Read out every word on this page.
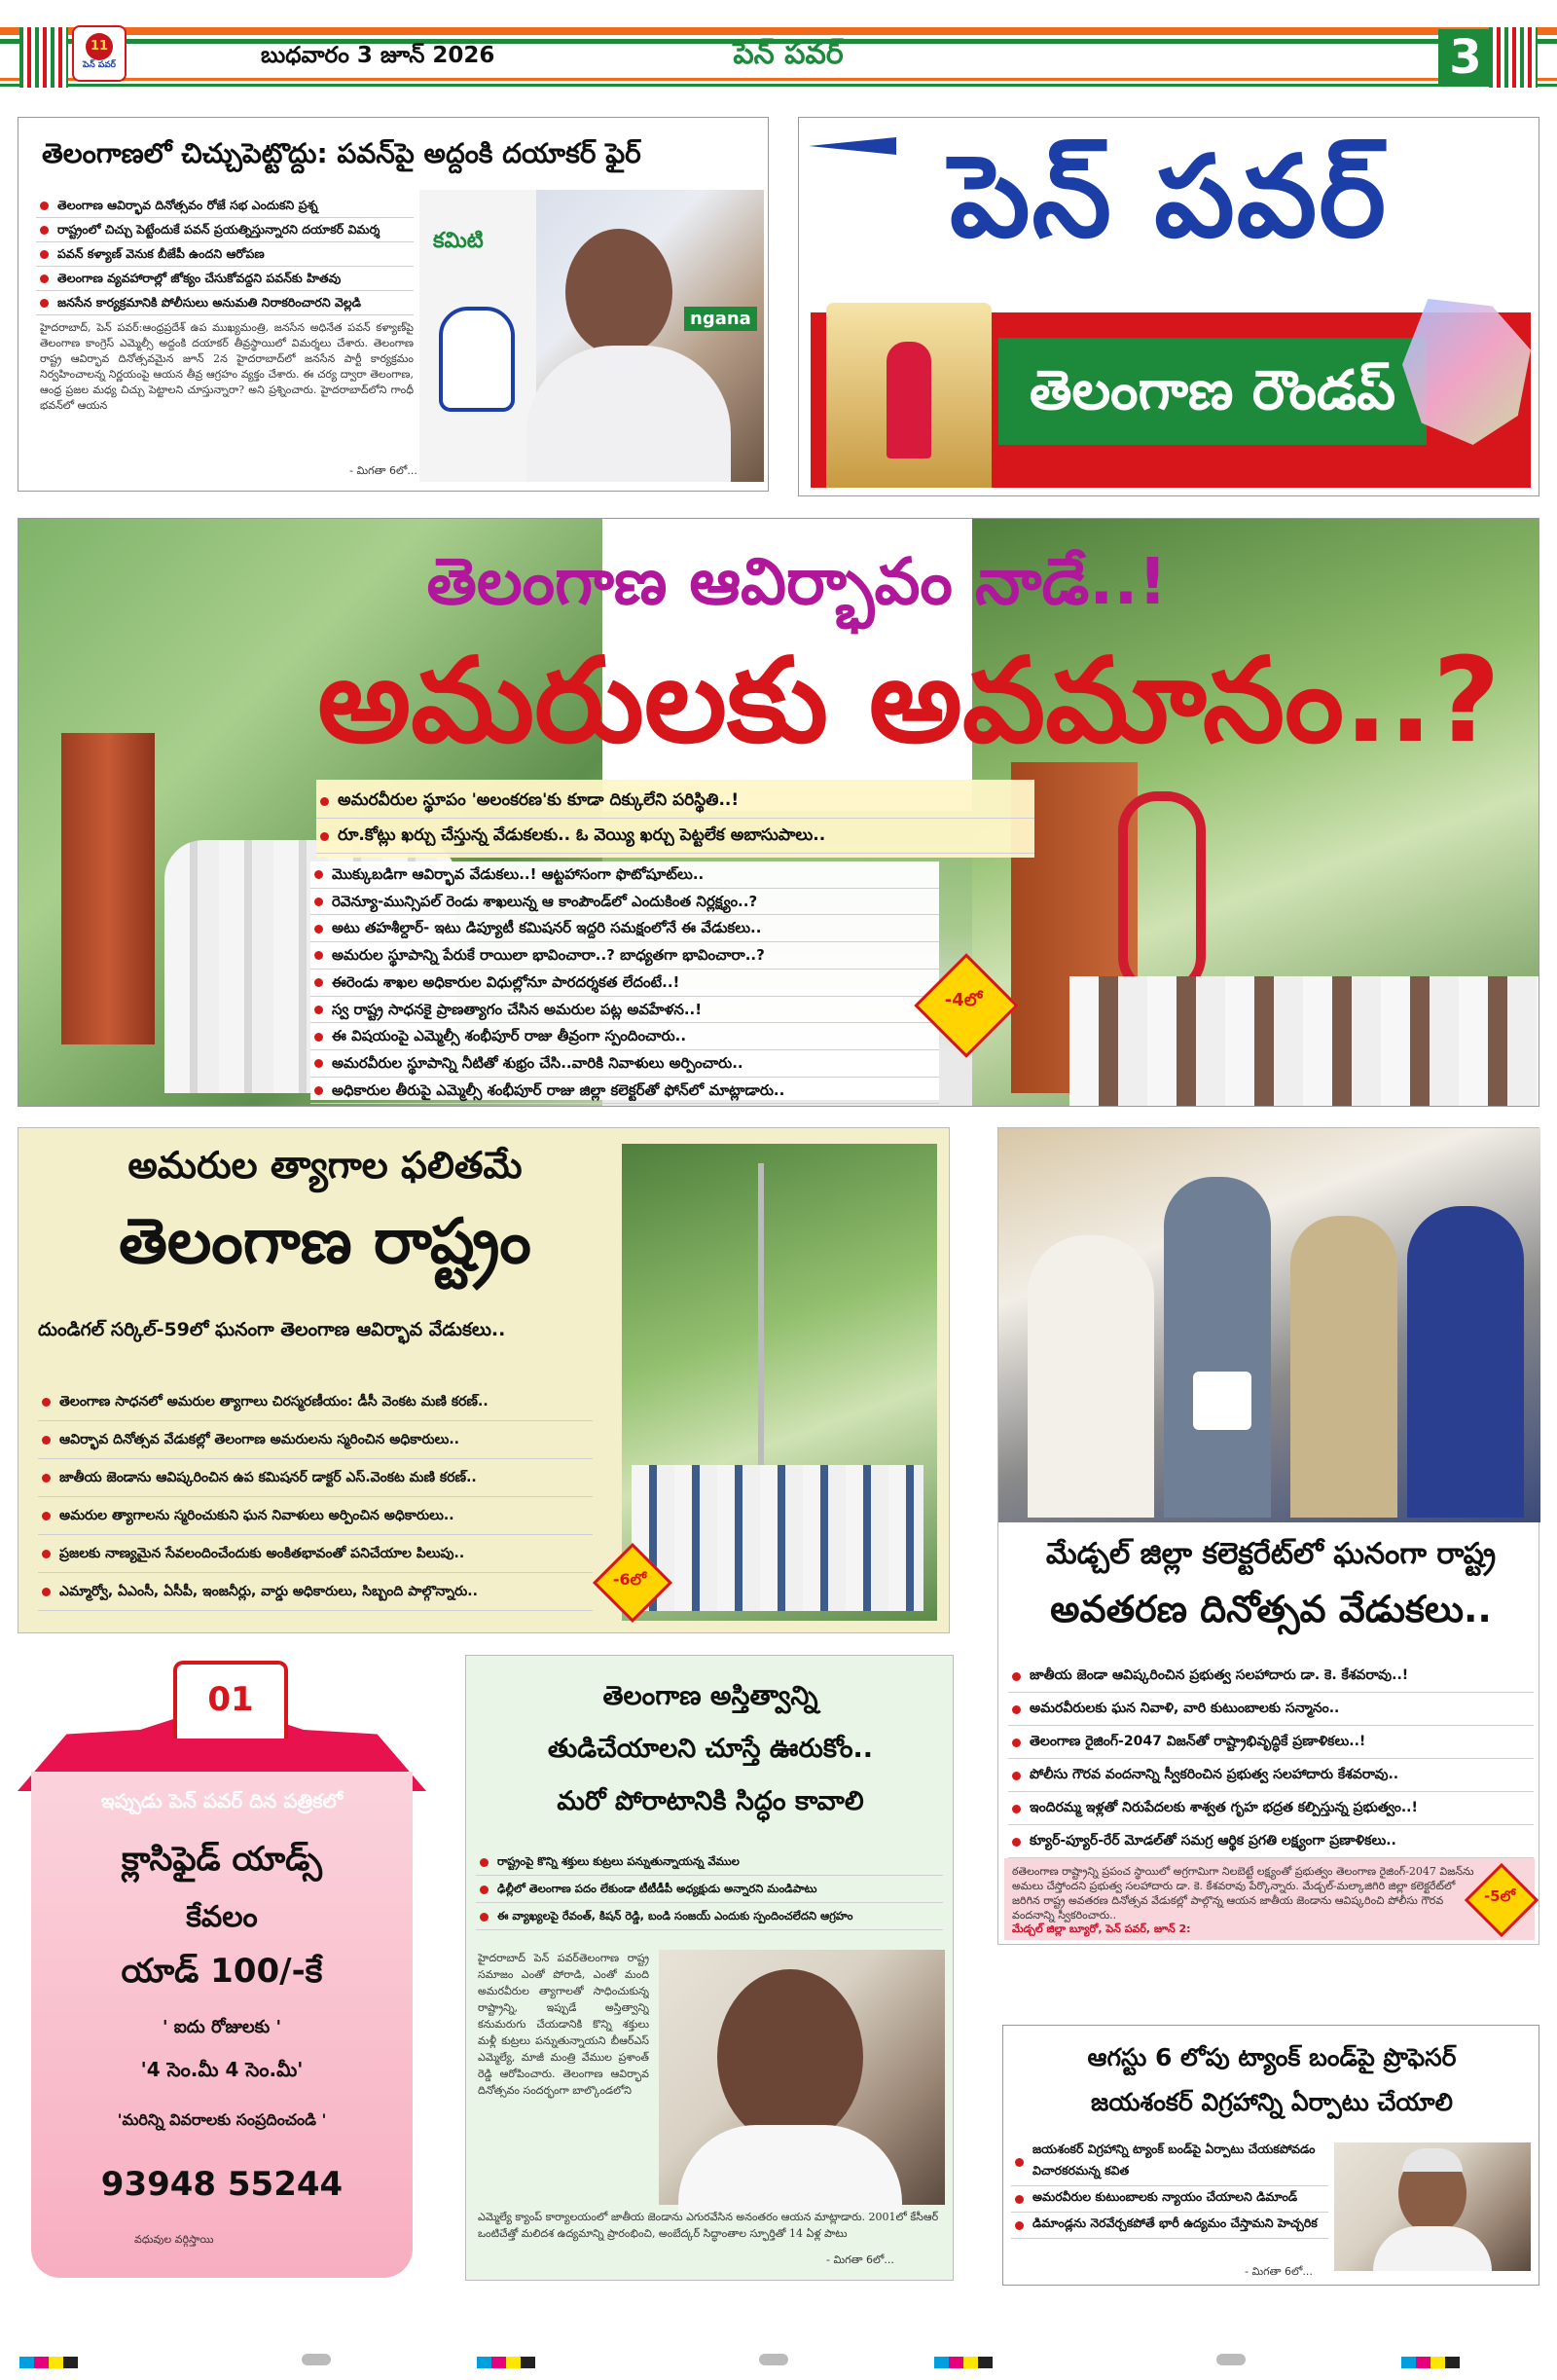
11
పెన్ పవర్	బుధవారం 3 జూన్ 2026	పెన్ పవర్	3
తెలంగాణలో చిచ్చుపెట్టొద్దు: పవన్‌పై అద్దంకి దయాకర్ ఫైర్
తెలంగాణ ఆవిర్భావ దినోత్సవం రోజే సభ ఎందుకని ప్రశ్న
రాష్ట్రంలో చిచ్చు పెట్టేందుకే పవన్ ప్రయత్నిస్తున్నారని దయాకర్ విమర్శ
పవన్ కళ్యాణ్ వెనుక బీజేపీ ఉందని ఆరోపణ
తెలంగాణ వ్యవహారాల్లో జోక్యం చేసుకోవద్దని పవన్‌కు హితవు
జనసేన కార్యక్రమానికి పోలీసులు అనుమతి నిరాకరించారని వెల్లడి
హైదరాబాద్, పెన్ పవర్:ఆంధ్రప్రదేశ్ ఉప ముఖ్యమంత్రి, జనసేన అధినేత పవన్ కళ్యాణ్‌పై తెలంగాణ కాంగ్రెస్ ఎమ్మెల్సీ అద్దంకి దయాకర్ తీవ్రస్థాయిలో విమర్శలు చేశారు. తెలంగాణ రాష్ట్ర ఆవిర్భావ దినోత్సవమైన జూన్ 2న హైదరాబాద్‌లో జనసేన పార్టీ కార్యక్రమం నిర్వహించాలన్న నిర్ణయంపై ఆయన తీవ్ర ఆగ్రహం వ్యక్తం చేశారు. ఈ చర్య ద్వారా తెలంగాణ, ఆంధ్ర ప్రజల మధ్య చిచ్చు పెట్టాలని చూస్తున్నారా? అని ప్రశ్నించారు. హైదరాబాద్‌లోని గాంధీ భవన్‌లో ఆయన
కమిటి
ngana
- మిగతా 6లో...
పెన్ పవర్
తెలంగాణ రౌండప్
తెలంగాణ ఆవిర్భావం నాడే..!
అమరులకు అవమానం..?
అమరవీరుల స్థూపం 'అలంకరణ'కు కూడా దిక్కులేని పరిస్థితి..!
రూ.కోట్లు ఖర్చు చేస్తున్న వేడుకలకు.. ఓ వెయ్యి ఖర్చు పెట్టలేక అబాసుపాలు..
మొక్కుబడిగా ఆవిర్భావ వేడుకలు..! ఆట్టహాసంగా ఫొటోషూట్‌లు..
రెవెన్యూ-మున్సిపల్ రెండు శాఖలున్న ఆ కాంపౌండ్‌లో ఎందుకింత నిర్లక్ష్యం..?
అటు తహశీల్దార్- ఇటు డిప్యూటీ కమిషనర్ ఇద్దరి సమక్షంలోనే ఈ వేడుకలు..
అమరుల స్థూపాన్ని పేరుకే రాయిలా భావించారా..? బాధ్యతగా భావించారా..?
ఈరెండు శాఖల అధికారుల విధుల్లోనూ పారదర్శకత లేదంటే..!
స్వ రాష్ట్ర సాధనకై ప్రాణత్యాగం చేసిన అమరుల పట్ల అవహేళన..!
ఈ విషయంపై ఎమ్మెల్సీ శంభీపూర్ రాజు తీవ్రంగా స్పందించారు..
అమరవీరుల స్థూపాన్ని నీటితో శుభ్రం చేసి..వారికి నివాళులు అర్పించారు..
అధికారుల తీరుపై ఎమ్మెల్సీ శంభీపూర్ రాజు జిల్లా కలెక్టర్‌తో ఫోన్‌లో మాట్లాడారు..
-4లో
అమరుల త్యాగాల ఫలితమే
తెలంగాణ రాష్ట్రం
దుండిగల్ సర్కిల్-59లో ఘనంగా తెలంగాణ ఆవిర్భావ వేడుకలు..
తెలంగాణ సాధనలో అమరుల త్యాగాలు చిరస్మరణీయం: డీసీ వెంకట మణి కరణ్..
ఆవిర్భావ దినోత్సవ వేడుకల్లో తెలంగాణ అమరులను స్మరించిన అధికారులు..
జాతీయ జెండాను ఆవిష్కరించిన ఉప కమిషనర్ డాక్టర్ ఎస్.వెంకట మణి కరణ్..
అమరుల త్యాగాలను స్మరించుకుని ఘన నివాళులు అర్పించిన అధికారులు..
ప్రజలకు నాణ్యమైన సేవలందించేందుకు అంకితభావంతో పనిచేయాల పిలుపు..
ఎమ్మార్వో, ఏఎంసీ, ఏసీపీ, ఇంజనీర్లు, వార్డు అధికారులు, సిబ్బంది పాల్గొన్నారు..
-6లో
మేడ్చల్ జిల్లా కలెక్టరేట్‌లో ఘనంగా రాష్ట్ర
అవతరణ దినోత్సవ వేడుకలు..
జాతీయ జెండా ఆవిష్కరించిన ప్రభుత్వ సలహాదారు డా. కె. కేశవరావు..!
అమరవీరులకు ఘన నివాళి, వారి కుటుంబాలకు సన్మానం..
తెలంగాణ రైజింగ్-2047 విజన్‌తో రాష్ట్రాభివృద్ధికే ప్రణాళికలు..!
పోలీసు గౌరవ వందనాన్ని స్వీకరించిన ప్రభుత్వ సలహాదారు కేశవరావు..
ఇందిరమ్మ ఇళ్లతో నిరుపేదలకు శాశ్వత గృహ భద్రత కల్పిస్తున్న ప్రభుత్వం..!
క్యూర్-ప్యూర్-రేర్ మోడల్‌తో సమగ్ర ఆర్థిక ప్రగతి లక్ష్యంగా ప్రణాళికలు..
ఠతెలంగాణ రాష్ట్రాన్ని ప్రపంచ స్థాయిలో అగ్రగామిగా నిలబెట్టే లక్ష్యంతో ప్రభుత్వం తెలంగాణ రైజింగ్-2047 విజన్‌ను అమలు చేస్తోందని ప్రభుత్వ సలహాదారు డా. కె. కేశవరావు పేర్కొన్నారు. మేడ్చల్-మల్కాజిగిరి జిల్లా కలెక్టరేట్‌లో జరిగిన రాష్ట్ర అవతరణ దినోత్సవ వేడుకల్లో పాల్గొన్న ఆయన జాతీయ జెండాను ఆవిష్కరించి పోలీసు గౌరవ వందనాన్ని స్వీకరించారు..
మేడ్చల్ జిల్లా బ్యూరో, పెన్ పవర్, జూన్ 2:
-5లో
01
ఇప్పుడు పెన్ పవర్ దిన పత్రికలో
క్లాసిఫైడ్ యాడ్స్
కేవలం
యాడ్ 100/-కే
' ఐదు రోజులకు '
'4 సెం.మీ 4 సెం.మీ'
'మరిన్ని వివరాలకు సంప్రదించండి '
93948 55244
వధువుల వర్గిస్తాయి
తెలంగాణ అస్తిత్వాన్ని
తుడిచేయాలని చూస్తే ఊరుకోం..
మరో పోరాటానికి సిద్ధం కావాలి
రాష్ట్రంపై కొన్ని శక్తులు కుట్రలు పన్నుతున్నాయన్న వేముల
ఢిల్లీలో తెలంగాణ పదం లేకుండా టీటీడీపీ అధ్యక్షుడు అన్నారని మండిపాటు
ఈ వ్యాఖ్యలపై రేవంత్, కిషన్ రెడ్డి, బండి సంజయ్ ఎందుకు స్పందించలేదని ఆగ్రహం
హైదరాబాద్ పెన్ పవర్‌తెలంగాణ రాష్ట్ర సమాజం ఎంతో పోరాడి, ఎంతో మంది అమరవీరుల త్యాగాలతో సాధించుకున్న రాష్ట్రాన్ని, ఇప్పుడే అస్తిత్వాన్ని కనుమరుగు చేయడానికి కొన్ని శక్తులు మళ్లీ కుట్రలు పన్నుతున్నాయని బీఆర్ఎస్ ఎమ్మెల్యే, మాజీ మంత్రి వేముల ప్రశాంత్ రెడ్డి ఆరోపించారు. తెలంగాణ ఆవిర్భావ దినోత్సవం సందర్భంగా బాల్కొండలోని
ఎమ్మెల్యే క్యాంప్ కార్యాలయంలో జాతీయ జెండాను ఎగురవేసిన అనంతరం ఆయన మాట్లాడారు. 2001లో కేసీఆర్ ఒంటిచేత్తో మలిదశ ఉద్యమాన్ని ప్రారంభించి, అంబేద్కర్ సిద్ధాంతాల స్ఫూర్తితో 14 ఏళ్ల పాటు
- మిగతా 6లో...
ఆగస్టు 6 లోపు ట్యాంక్ బండ్‌పై ప్రొఫెసర్
జయశంకర్ విగ్రహాన్ని ఏర్పాటు చేయాలి
జయశంకర్ విగ్రహాన్ని ట్యాంక్ బండ్‌పై ఏర్పాటు చేయకపోవడం విచారకరమన్న కవిత
అమరవీరుల కుటుంబాలకు న్యాయం చేయాలని డిమాండ్
డిమాండ్లను నెరవేర్చకపోతే భారీ ఉద్యమం చేస్తామని హెచ్చరిక
- మిగతా 6లో...
